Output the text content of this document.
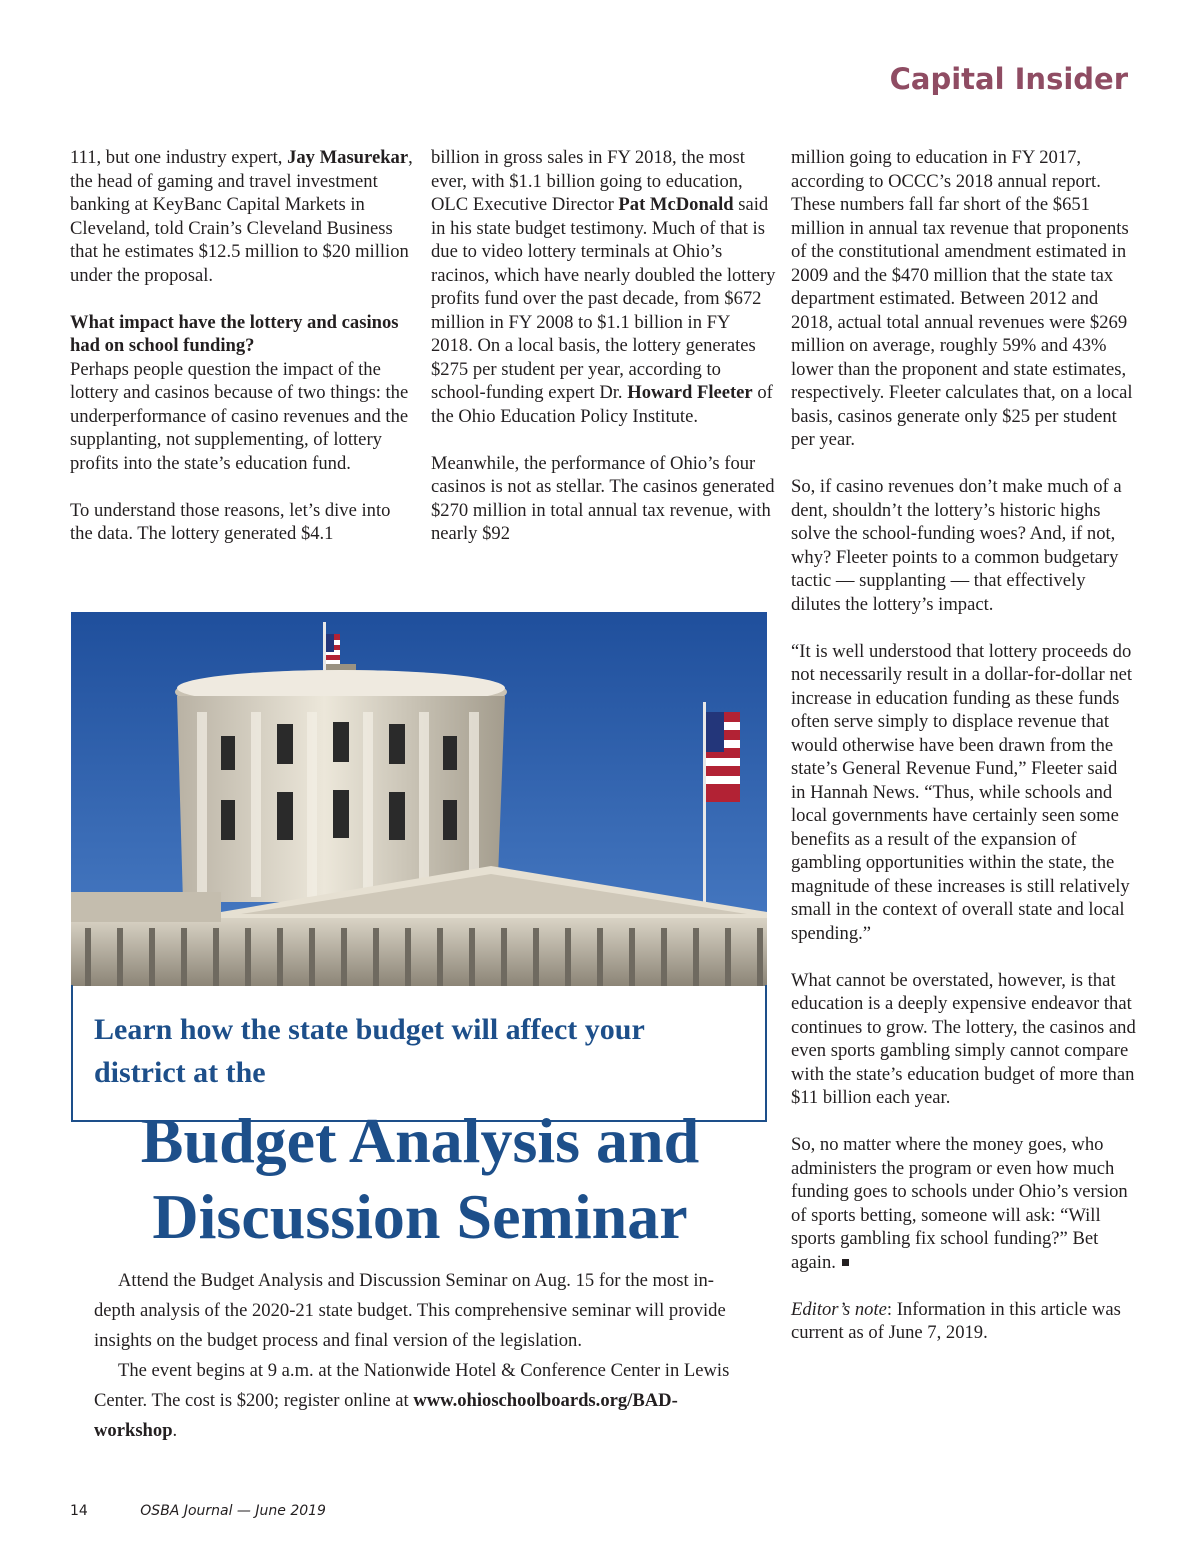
Capital Insider

111, but one industry expert, Jay Masurekar, the head of gaming and travel investment banking at KeyBanc Capital Markets in Cleveland, told Crain’s Cleveland Business that he estimates $12.5 million to $20 million under the proposal.

What impact have the lottery and casinos had on school funding?
Perhaps people question the impact of the lottery and casinos because of two things: the underperformance of casino revenues and the supplanting, not supplementing, of lottery profits into the state’s education fund.

To understand those reasons, let’s dive into the data. The lottery generated $4.1

billion in gross sales in FY 2018, the most ever, with $1.1 billion going to education, OLC Executive Director Pat McDonald said in his state budget testimony. Much of that is due to video lottery terminals at Ohio’s racinos, which have nearly doubled the lottery profits fund over the past decade, from $672 million in FY 2008 to $1.1 billion in FY 2018. On a local basis, the lottery generates $275 per student per year, according to school-funding expert Dr. Howard Fleeter of the Ohio Education Policy Institute.

Meanwhile, the performance of Ohio’s four casinos is not as stellar. The casinos generated $270 million in total annual tax revenue, with nearly $92

million going to education in FY 2017, according to OCCC’s 2018 annual report. These numbers fall far short of the $651 million in annual tax revenue that proponents of the constitutional amendment estimated in 2009 and the $470 million that the state tax department estimated. Between 2012 and 2018, actual total annual revenues were $269 million on average, roughly 59% and 43% lower than the proponent and state estimates, respectively. Fleeter calculates that, on a local basis, casinos generate only $25 per student per year.

So, if casino revenues don’t make much of a dent, shouldn’t the lottery’s historic highs solve the school-funding woes? And, if not, why? Fleeter points to a common budgetary tactic — supplanting — that effectively dilutes the lottery’s impact.

“It is well understood that lottery proceeds do not necessarily result in a dollar-for-dollar net increase in education funding as these funds often serve simply to displace revenue that would otherwise have been drawn from the state’s General Revenue Fund,” Fleeter said in Hannah News. “Thus, while schools and local governments have certainly seen some benefits as a result of the expansion of gambling opportunities within the state, the magnitude of these increases is still relatively small in the context of overall state and local spending.”

What cannot be overstated, however, is that education is a deeply expensive endeavor that continues to grow. The lottery, the casinos and even sports gambling simply cannot compare with the state’s education budget of more than $11 billion each year.

So, no matter where the money goes, who administers the program or even how much funding goes to schools under Ohio’s version of sports betting, someone will ask: “Will sports gambling fix school funding?” Bet again.

Editor’s note: Information in this article was current as of June 7, 2019.

Learn how the state budget will affect your district at the

Budget Analysis and
Discussion Seminar

Attend the Budget Analysis and Discussion Seminar on Aug. 15 for the most in-depth analysis of the 2020-21 state budget. This comprehensive seminar will provide insights on the budget process and final version of the legislation.

The event begins at 9 a.m. at the Nationwide Hotel & Conference Center in Lewis Center. The cost is $200; register online at www.ohioschoolboards.org/BAD-workshop.

14	OSBA Journal — June 2019
